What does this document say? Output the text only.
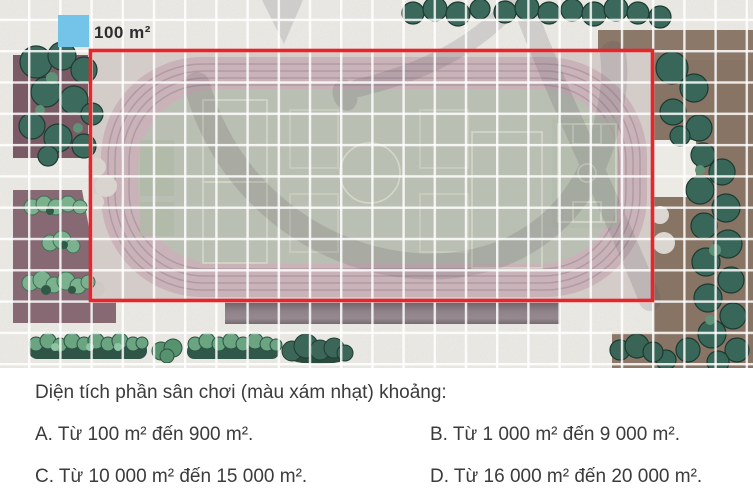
100 m²
Diện tích phần sân chơi (màu xám nhạt) khoảng:
A. Từ 100 m² đến 900 m².	B. Từ 1 000 m² đến 9 000 m².
C. Từ 10 000 m² đến 15 000 m².	D. Từ 16 000 m² đến 20 000 m².
